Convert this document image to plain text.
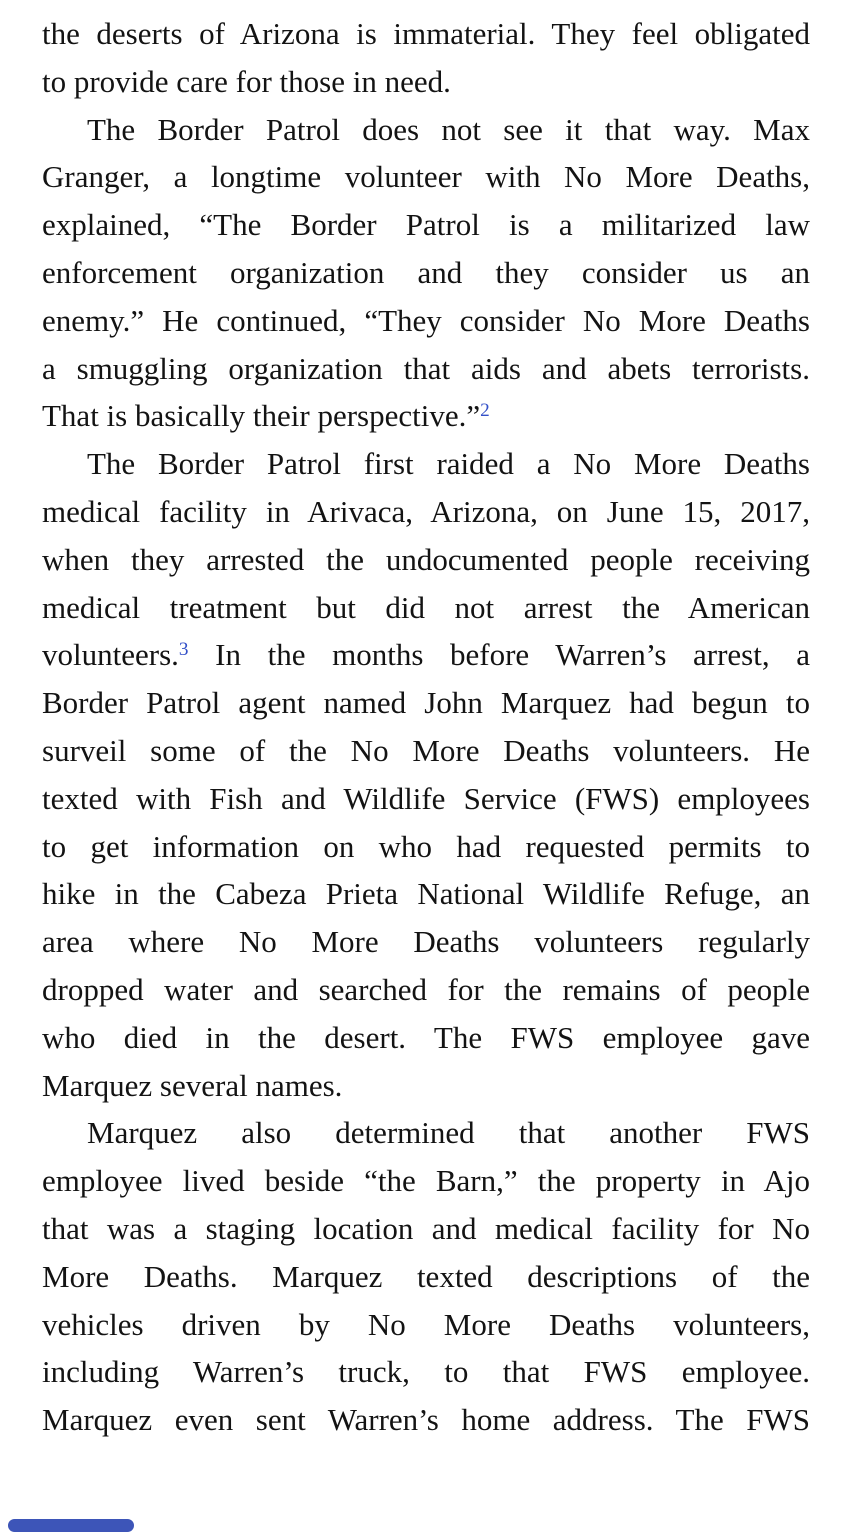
the deserts of Arizona is immaterial. They feel obligated
to provide care for those in need.
The Border Patrol does not see it that way. Max
Granger, a longtime volunteer with No More Deaths,
explained, “The Border Patrol is a militarized law
enforcement organization and they consider us an
enemy.” He continued, “They consider No More Deaths
a smuggling organization that aids and abets terrorists.
That is basically their perspective.”$^2$
The Border Patrol first raided a No More Deaths
medical facility in Arivaca, Arizona, on June 15, 2017,
when they arrested the undocumented people receiving
medical treatment but did not arrest the American
volunteers.$^3$ In the months before Warren’s arrest, a
Border Patrol agent named John Marquez had begun to
surveil some of the No More Deaths volunteers. He
texted with Fish and Wildlife Service (FWS) employees
to get information on who had requested permits to
hike in the Cabeza Prieta National Wildlife Refuge, an
area where No More Deaths volunteers regularly
dropped water and searched for the remains of people
who died in the desert. The FWS employee gave
Marquez several names.
Marquez also determined that another FWS
employee lived beside “the Barn,” the property in Ajo
that was a staging location and medical facility for No
More Deaths. Marquez texted descriptions of the
vehicles driven by No More Deaths volunteers,
including Warren’s truck, to that FWS employee.
Marquez even sent Warren’s home address. The FWS
